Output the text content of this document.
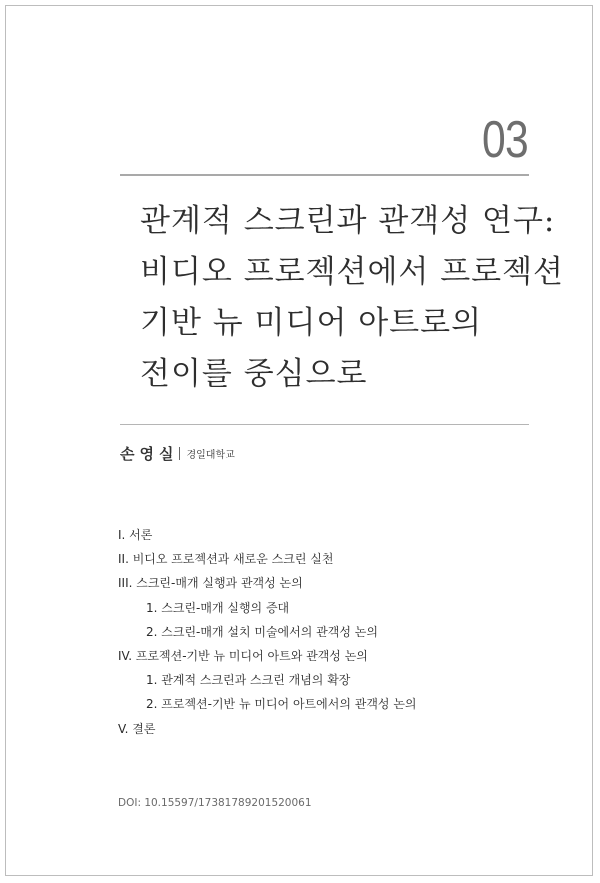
03
관계적 스크린과 관객성 연구:
비디오 프로젝션에서 프로젝션
기반 뉴 미디어 아트로의
전이를 중심으로
손영실 경일대학교
I. 서론
II. 비디오 프로젝션과 새로운 스크린 실천
III. 스크린-매개 실행과 관객성 논의
1. 스크린-매개 실행의 증대
2. 스크린-매개 설치 미술에서의 관객성 논의
IV. 프로젝션-기반 뉴 미디어 아트와 관객성 논의
1. 관계적 스크린과 스크린 개념의 확장
2. 프로젝션-기반 뉴 미디어 아트에서의 관객성 논의
V. 결론
DOI: 10.15597/17381789201520061
